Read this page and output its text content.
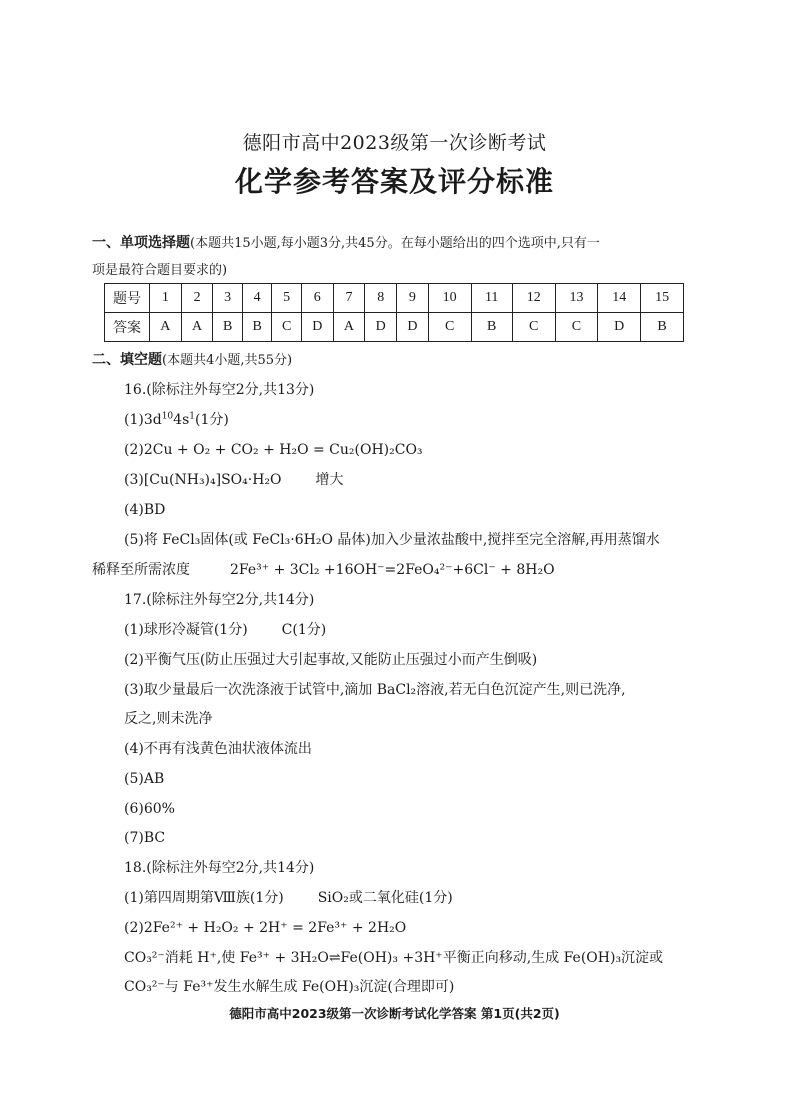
德阳市高中2023级第一次诊断考试
化学参考答案及评分标准
一、单项选择题(本题共15小题,每小题3分,共45分。在每小题给出的四个选项中,只有一
项是最符合题目要求的)
题号	1	2	3	4	5	6	7	8	9	10	11	12	13	14	15
答案	A	A	B	B	C	D	A	D	D	C	B	C	C	D	B
二、填空题(本题共4小题,共55分)
16.(除标注外每空2分,共13分)
$(1)3d^{10}4s^1(1$分)
(2)2Cu + O₂ + CO₂ + H₂O = Cu₂(OH)₂CO₃
(3)[Cu(NH₃)₄]SO₄·H₂O 增大
(4)BD
(5)将 FeCl₃固体(或 FeCl₃·6H₂O 晶体)加入少量浓盐酸中,搅拌至完全溶解,再用蒸馏水
稀释至所需浓度	2Fe³⁺ + 3Cl₂ +16OH⁻=2FeO₄²⁻+6Cl⁻ + 8H₂O
17.(除标注外每空2分,共14分)
(1)球形冷凝管(1分) C(1分)
(2)平衡气压(防止压强过大引起事故,又能防止压强过小而产生倒吸)
(3)取少量最后一次洗涤液于试管中,滴加 BaCl₂溶液,若无白色沉淀产生,则已洗净,
反之,则未洗净
(4)不再有浅黄色油状液体流出
(5)AB
(6)60%
(7)BC
18.(除标注外每空2分,共14分)
(1)第四周期第Ⅷ族(1分) SiO₂或二氧化硅(1分)
(2)2Fe²⁺ + H₂O₂ + 2H⁺ = 2Fe³⁺ + 2H₂O
CO₃²⁻消耗 H⁺,使 Fe³⁺ + 3H₂O⇌Fe(OH)₃ +3H⁺平衡正向移动,生成 Fe(OH)₃沉淀或
CO₃²⁻与 Fe³⁺发生水解生成 Fe(OH)₃沉淀(合理即可)
德阳市高中2023级第一次诊断考试化学答案 第1页(共2页)
